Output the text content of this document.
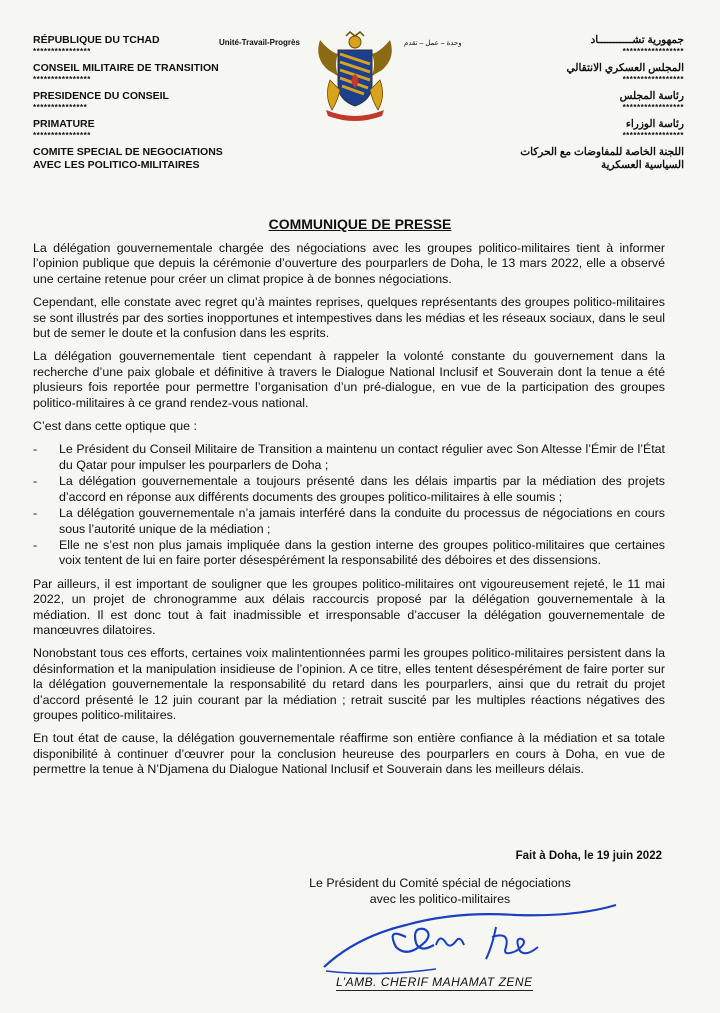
RÉPUBLIQUE DU TCHAD
****************
CONSEIL MILITAIRE DE TRANSITION
****************
PRESIDENCE DU CONSEIL
***************
PRIMATURE
****************
COMITE SPECIAL DE NEGOCIATIONS
AVEC LES POLITICO-MILITAIRES
Unité-Travail-Progrès	وحدة – عمل – تقدم	جمهورية تشـــــــــــاد
*****************
المجلس العسكري الانتقالي
*****************
رئاسة المجلس
*****************
رئاسة الوزراء
*****************
اللجنة الخاصة للمفاوضات مع الحركات
السياسية العسكرية
COMMUNIQUE DE PRESSE

La délégation gouvernementale chargée des négociations avec les groupes politico-militaires tient à informer l’opinion publique que depuis la cérémonie d’ouverture des pourparlers de Doha, le 13 mars 2022, elle a observé une certaine retenue pour créer un climat propice à de bonnes négociations.

Cependant, elle constate avec regret qu’à maintes reprises, quelques représentants des groupes politico-militaires se sont illustrés par des sorties inopportunes et intempestives dans les médias et les réseaux sociaux, dans le seul but de semer le doute et la confusion dans les esprits.

La délégation gouvernementale tient cependant à rappeler la volonté constante du gouvernement dans la recherche d’une paix globale et définitive à travers le Dialogue National Inclusif et Souverain dont la tenue a été plusieurs fois reportée pour permettre l’organisation d’un pré-dialogue, en vue de la participation des groupes politico-militaires à ce grand rendez-vous national.

C’est dans cette optique que :

- Le Président du Conseil Militaire de Transition a maintenu un contact régulier avec Son Altesse l’Émir de l’État du Qatar pour impulser les pourparlers de Doha ;
- La délégation gouvernementale a toujours présenté dans les délais impartis par la médiation des projets d’accord en réponse aux différents documents des groupes politico-militaires à elle soumis ;
- La délégation gouvernementale n’a jamais interféré dans la conduite du processus de négociations en cours sous l’autorité unique de la médiation ;
- Elle ne s’est non plus jamais impliquée dans la gestion interne des groupes politico-militaires que certaines voix tentent de lui en faire porter désespérément la responsabilité des déboires et des dissensions.

Par ailleurs, il est important de souligner que les groupes politico-militaires ont vigoureusement rejeté, le 11 mai 2022, un projet de chronogramme aux délais raccourcis proposé par la délégation gouvernementale à la médiation. Il est donc tout à fait inadmissible et irresponsable d’accuser la délégation gouvernementale de manœuvres dilatoires.

Nonobstant tous ces efforts, certaines voix malintentionnées parmi les groupes politico-militaires persistent dans la désinformation et la manipulation insidieuse de l’opinion. A ce titre, elles tentent désespérément de faire porter sur la délégation gouvernementale la responsabilité du retard dans les pourparlers, ainsi que du retrait du projet d’accord présenté le 12 juin courant par la médiation ; retrait suscité par les multiples réactions négatives des groupes politico-militaires.

En tout état de cause, la délégation gouvernementale réaffirme son entière confiance à la médiation et sa totale disponibilité à continuer d’œuvrer pour la conclusion heureuse des pourparlers en cours à Doha, en vue de permettre la tenue à N’Djamena du Dialogue National Inclusif et Souverain dans les meilleurs délais.

Fait à Doha, le 19 juin 2022
Le Président du Comité spécial de négociations
avec les politico-militaires
L’AMB. CHERIF MAHAMAT ZENE
